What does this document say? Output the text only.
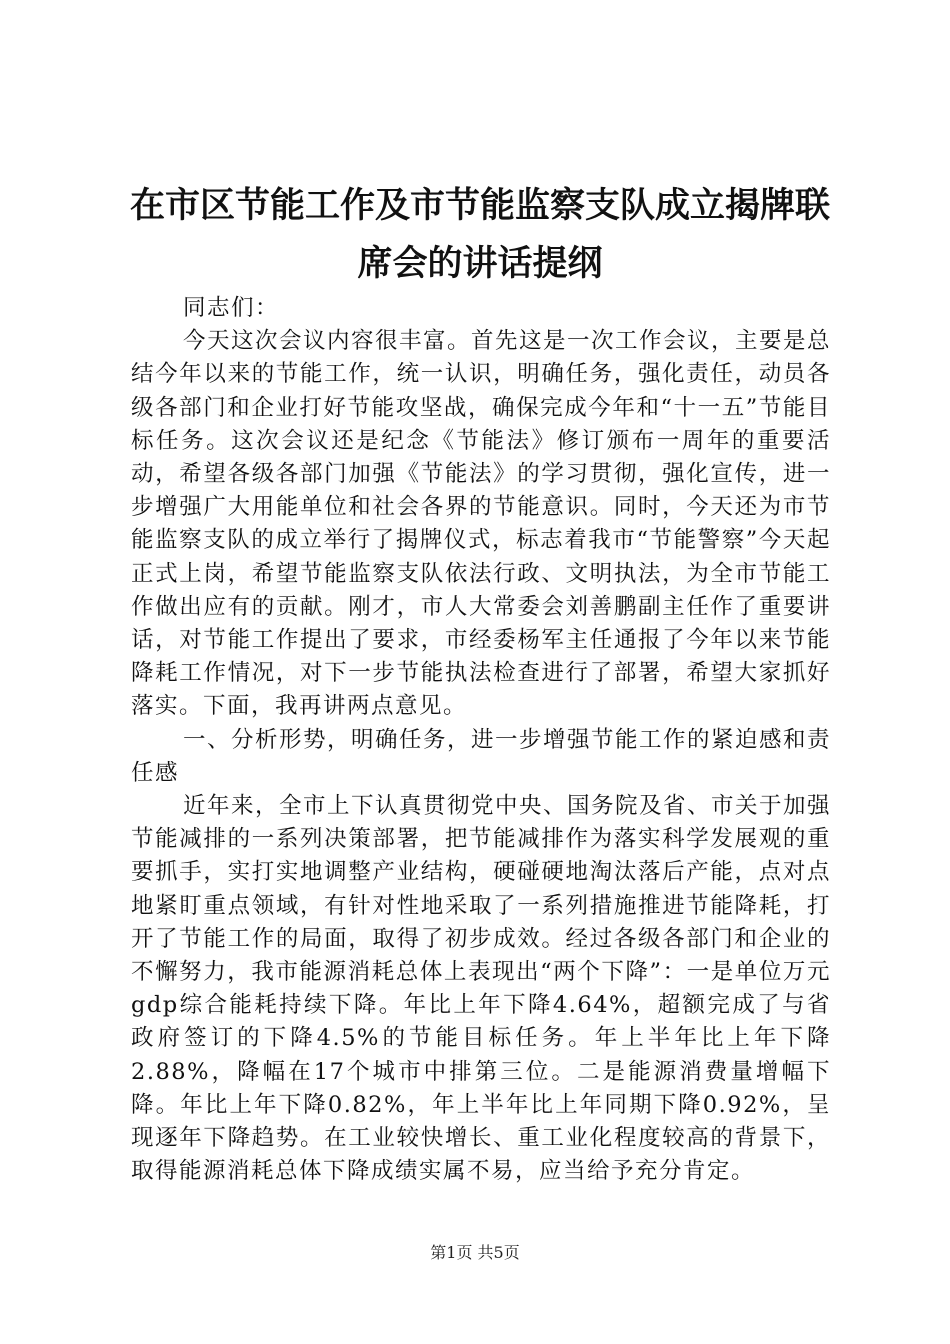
在市区节能工作及市节能监察支队成立揭牌联
席会的讲话提纲

同志们：

今天这次会议内容很丰富。首先这是一次工作会议，主要是总结今年以来的节能工作，统一认识，明确任务，强化责任，动员各级各部门和企业打好节能攻坚战，确保完成今年和“十一五”节能目标任务。这次会议还是纪念《节能法》修订颁布一周年的重要活动，希望各级各部门加强《节能法》的学习贯彻，强化宣传，进一步增强广大用能单位和社会各界的节能意识。同时，今天还为市节能监察支队的成立举行了揭牌仪式，标志着我市“节能警察”今天起正式上岗，希望节能监察支队依法行政、文明执法，为全市节能工作做出应有的贡献。刚才，市人大常委会刘善鹏副主任作了重要讲话，对节能工作提出了要求，市经委杨军主任通报了今年以来节能降耗工作情况，对下一步节能执法检查进行了部署，希望大家抓好落实。下面，我再讲两点意见。

一、分析形势，明确任务，进一步增强节能工作的紧迫感和责任感

近年来，全市上下认真贯彻党中央、国务院及省、市关于加强节能减排的一系列决策部署，把节能减排作为落实科学发展观的重要抓手，实打实地调整产业结构，硬碰硬地淘汰落后产能，点对点地紧盯重点领域，有针对性地采取了一系列措施推进节能降耗，打开了节能工作的局面，取得了初步成效。经过各级各部门和企业的不懈努力，我市能源消耗总体上表现出“两个下降”：一是单位万元gdp综合能耗持续下降。年比上年下降4.64%，超额完成了与省政府签订的下降4.5%的节能目标任务。年上半年比上年下降2.88%，降幅在17个城市中排第三位。二是能源消费量增幅下降。年比上年下降0.82%，年上半年比上年同期下降0.92%，呈现逐年下降趋势。在工业较快增长、重工业化程度较高的背景下，取得能源消耗总体下降成绩实属不易，应当给予充分肯定。

第1页 共5页
